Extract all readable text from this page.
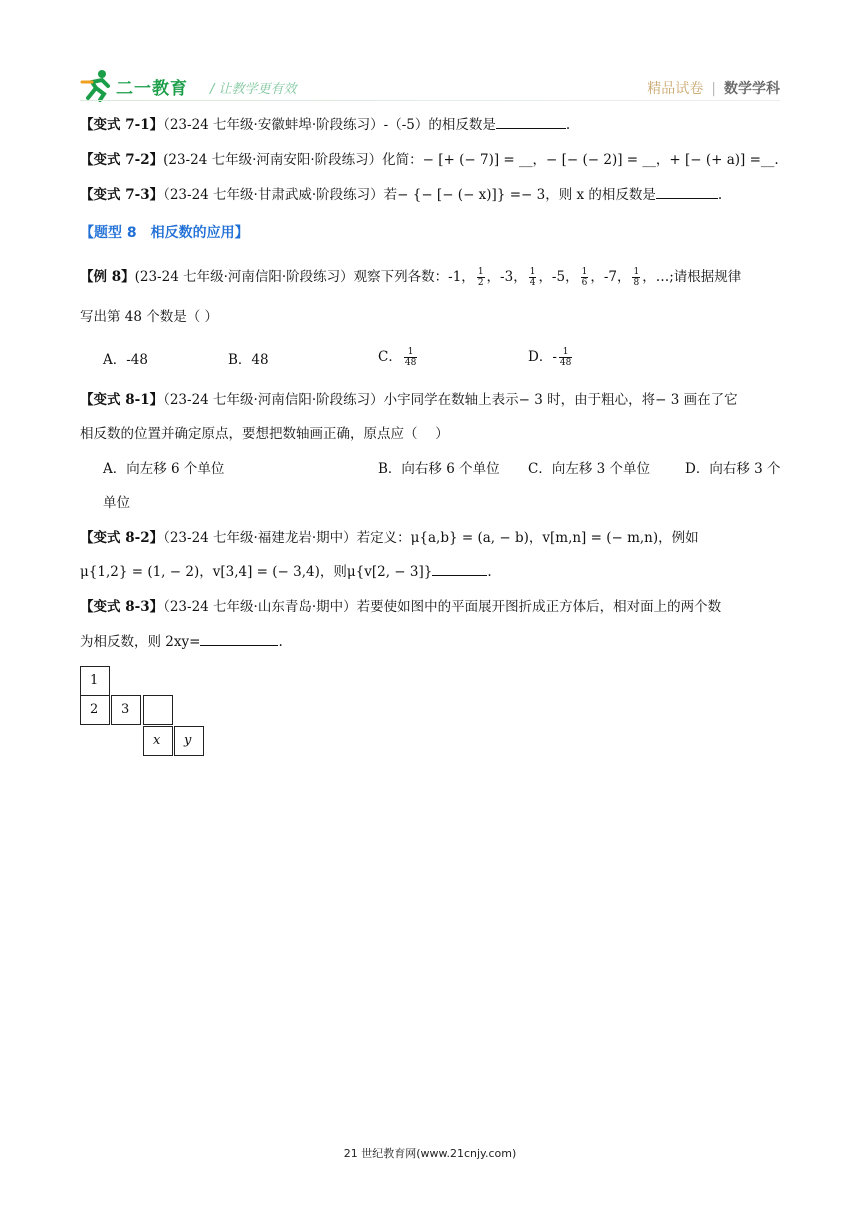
二一教育 / 让教学更有效	精品试卷 | 数学学科
【变式 7-1】（23-24 七年级·安徽蚌埠·阶段练习）-（-5）的相反数是	.
【变式 7-2】(23-24 七年级·河南安阳·阶段练习）化简：− [+ (− 7)] = __，− [− (− 2)] = __，+ [− (+ a)] =__.
【变式 7-3】（23-24 七年级·甘肃武威·阶段练习）若− {− [− (− x)]} =− 3，则 x 的相反数是	.
【题型 8　相反数的应用】
【例 8】(23-24 七年级·河南信阳·阶段练习）观察下列各数：-1， $\frac{1}{2}$ ，-3， $\frac{1}{4}$ ，-5， $\frac{1}{6}$ ，-7， $\frac{1}{8}$ ，…;请根据规律
写出第 48 个数是（ ）
A．-48	B．48	C． $\frac{1}{48}$	D．- $\frac{1}{48}$
【变式 8-1】（23-24 七年级·河南信阳·阶段练习）小宇同学在数轴上表示− 3 时，由于粗心，将− 3 画在了它
相反数的位置并确定原点，要想把数轴画正确，原点应（　 ）
A．向左移 6 个单位	B．向右移 6 个单位 C．向左移 3 个单位	D．向右移 3 个
单位
【变式 8-2】（23-24 七年级·福建龙岩·期中）若定义：μ{a,b} = (a, − b)，v[m,n] = (− m,n)，例如
μ{1,2} = (1, − 2)，v[3,4] = (− 3,4)，则μ{v[2, − 3]}	.
【变式 8-3】（23-24 七年级·山东青岛·期中）若要使如图中的平面展开图折成正方体后，相对面上的两个数
为相反数，则 2xy=	.
1
2	3
x	y
21 世纪教育网(www.21cnjy.com)
